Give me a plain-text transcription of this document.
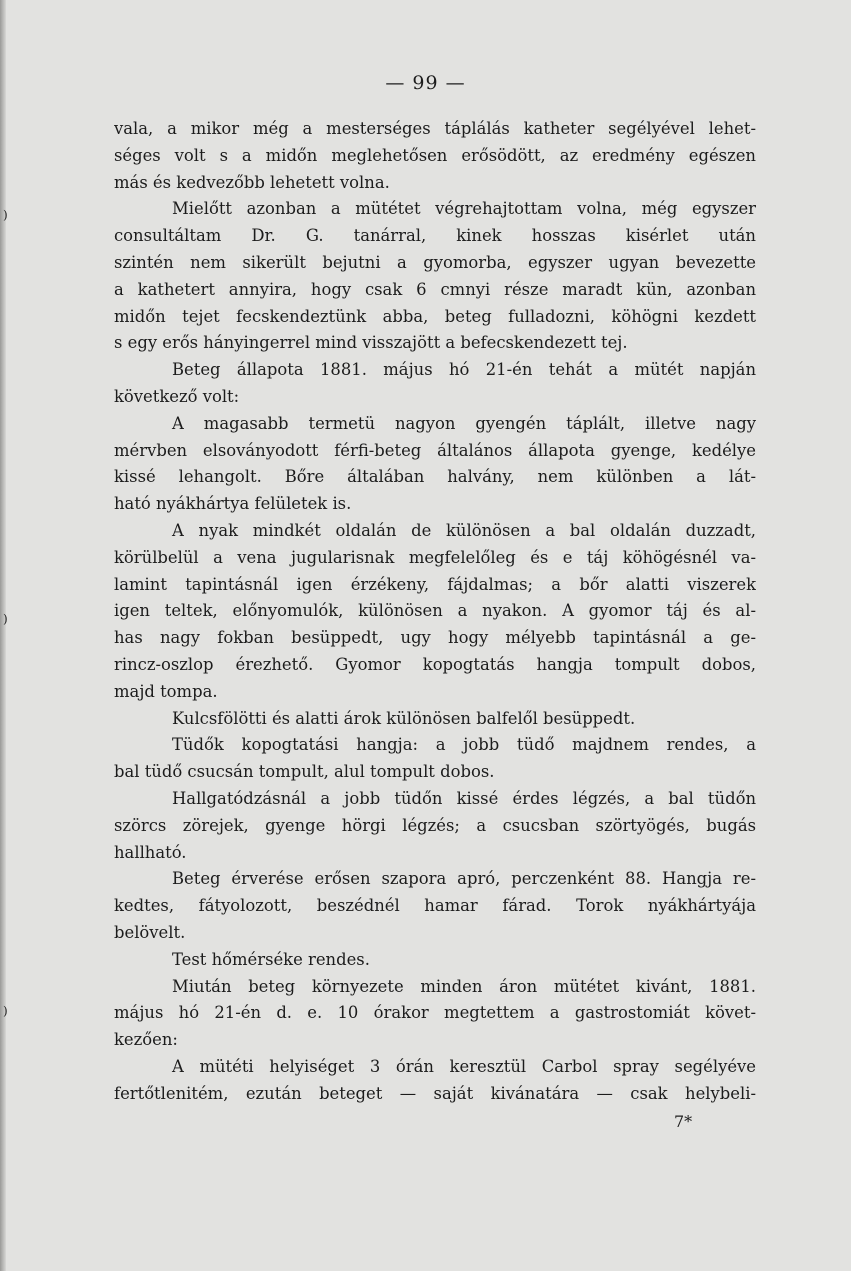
)
)
)
— 99 —
vala, a mikor még a mesterséges táplálás katheter segélyével lehet-
séges volt s a midőn meglehetősen erősödött, az eredmény egészen
más és kedvezőbb lehetett volna.
Mielőtt azonban a mütétet végrehajtottam volna, még egyszer
consultáltam Dr. G. tanárral, kinek hosszas kisérlet után
szintén nem sikerült bejutni a gyomorba, egyszer ugyan bevezette
a kathetert annyira, hogy csak 6 cmnyi része maradt kün, azonban
midőn tejet fecskendeztünk abba, beteg fulladozni, köhögni kezdett
s egy erős hányingerrel mind visszajött a befecskendezett tej.
Beteg állapota 1881. május hó 21-én tehát a mütét napján
következő volt:
A magasabb termetü nagyon gyengén táplált, illetve nagy
mérvben elsoványodott férfi-beteg általános állapota gyenge, kedélye
kissé lehangolt. Bőre általában halvány, nem különben a lát-
ható nyákhártya felületek is.
A nyak mindkét oldalán de különösen a bal oldalán duzzadt,
körülbelül a vena jugularisnak megfelelőleg és e táj köhögésnél va-
lamint tapintásnál igen érzékeny, fájdalmas; a bőr alatti viszerek
igen teltek, előnyomulók, különösen a nyakon. A gyomor táj és al-
has nagy fokban besüppedt, ugy hogy mélyebb tapintásnál a ge-
rincz-oszlop érezhető. Gyomor kopogtatás hangja tompult dobos,
majd tompa.
Kulcsfölötti és alatti árok különösen balfelől besüppedt.
Tüdők kopogtatási hangja: a jobb tüdő majdnem rendes, a
bal tüdő csucsán tompult, alul tompult dobos.
Hallgatódzásnál a jobb tüdőn kissé érdes légzés, a bal tüdőn
szörcs zörejek, gyenge hörgi légzés; a csucsban szörtyögés, bugás
hallható.
Beteg érverése erősen szapora apró, perczenként 88. Hangja re-
kedtes, fátyolozott, beszédnél hamar fárad. Torok nyákhártyája
belövelt.
Test hőmérséke rendes.
Miután beteg környezete minden áron mütétet kivánt, 1881.
május hó 21-én d. e. 10 órakor megtettem a gastrostomiát követ-
kezően:
A mütéti helyiséget 3 órán keresztül Carbol spray segélyéve
fertőtlenitém, ezután beteget — saját kivánatára — csak helybeli-
7*
